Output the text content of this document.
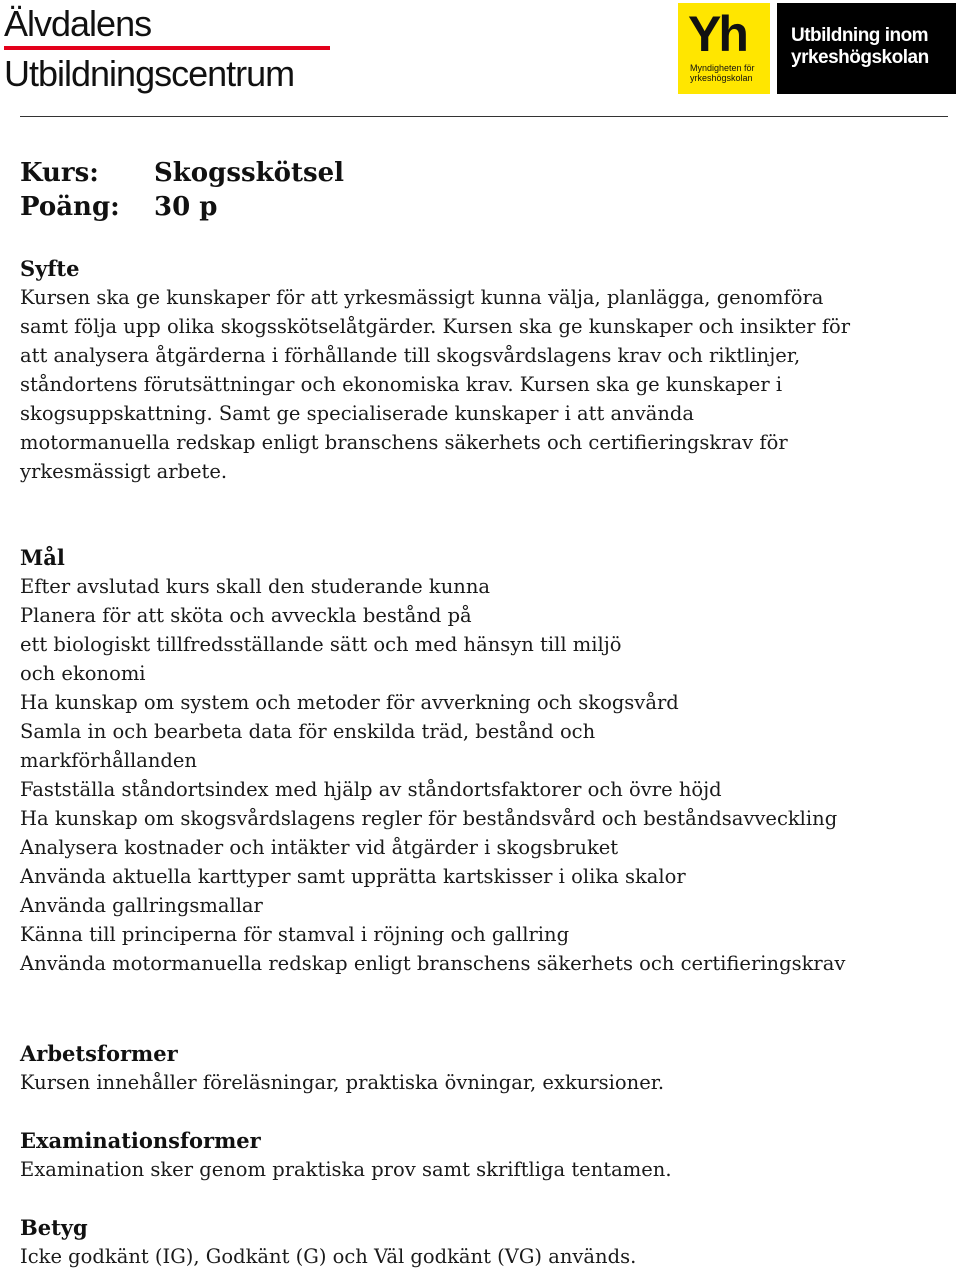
Älvdalens
Utbildningscentrum
Yh
Myndigheten för
yrkeshögskolan
Utbildning inom
yrkeshögskolan
Kurs:	Skogsskötsel
Poäng:	30 p
Syfte
Kursen ska ge kunskaper för att yrkesmässigt kunna välja, planlägga, genomföra
samt följa upp olika skogsskötselåtgärder. Kursen ska ge kunskaper och insikter för
att analysera åtgärderna i förhållande till skogsvårdslagens krav och riktlinjer,
ståndortens förutsättningar och ekonomiska krav. Kursen ska ge kunskaper i
skogsuppskattning. Samt ge specialiserade kunskaper i att använda
motormanuella redskap enligt branschens säkerhets och certifieringskrav för
yrkesmässigt arbete.
Mål
Efter avslutad kurs skall den studerande kunna
Planera för att sköta och avveckla bestånd på
ett biologiskt tillfredsställande sätt och med hänsyn till miljö
och ekonomi
Ha kunskap om system och metoder för avverkning och skogsvård
Samla in och bearbeta data för enskilda träd, bestånd och
markförhållanden
Fastställa ståndortsindex med hjälp av ståndortsfaktorer och övre höjd
Ha kunskap om skogsvårdslagens regler för beståndsvård och beståndsavveckling
Analysera kostnader och intäkter vid åtgärder i skogsbruket
Använda aktuella karttyper samt upprätta kartskisser i olika skalor
Använda gallringsmallar
Känna till principerna för stamval i röjning och gallring
Använda motormanuella redskap enligt branschens säkerhets och certifieringskrav
Arbetsformer

Kursen innehåller föreläsningar, praktiska övningar, exkursioner.

Examinationsformer

Examination sker genom praktiska prov samt skriftliga tentamen.

Betyg

Icke godkänt (IG), Godkänt (G) och Väl godkänt (VG) används.
